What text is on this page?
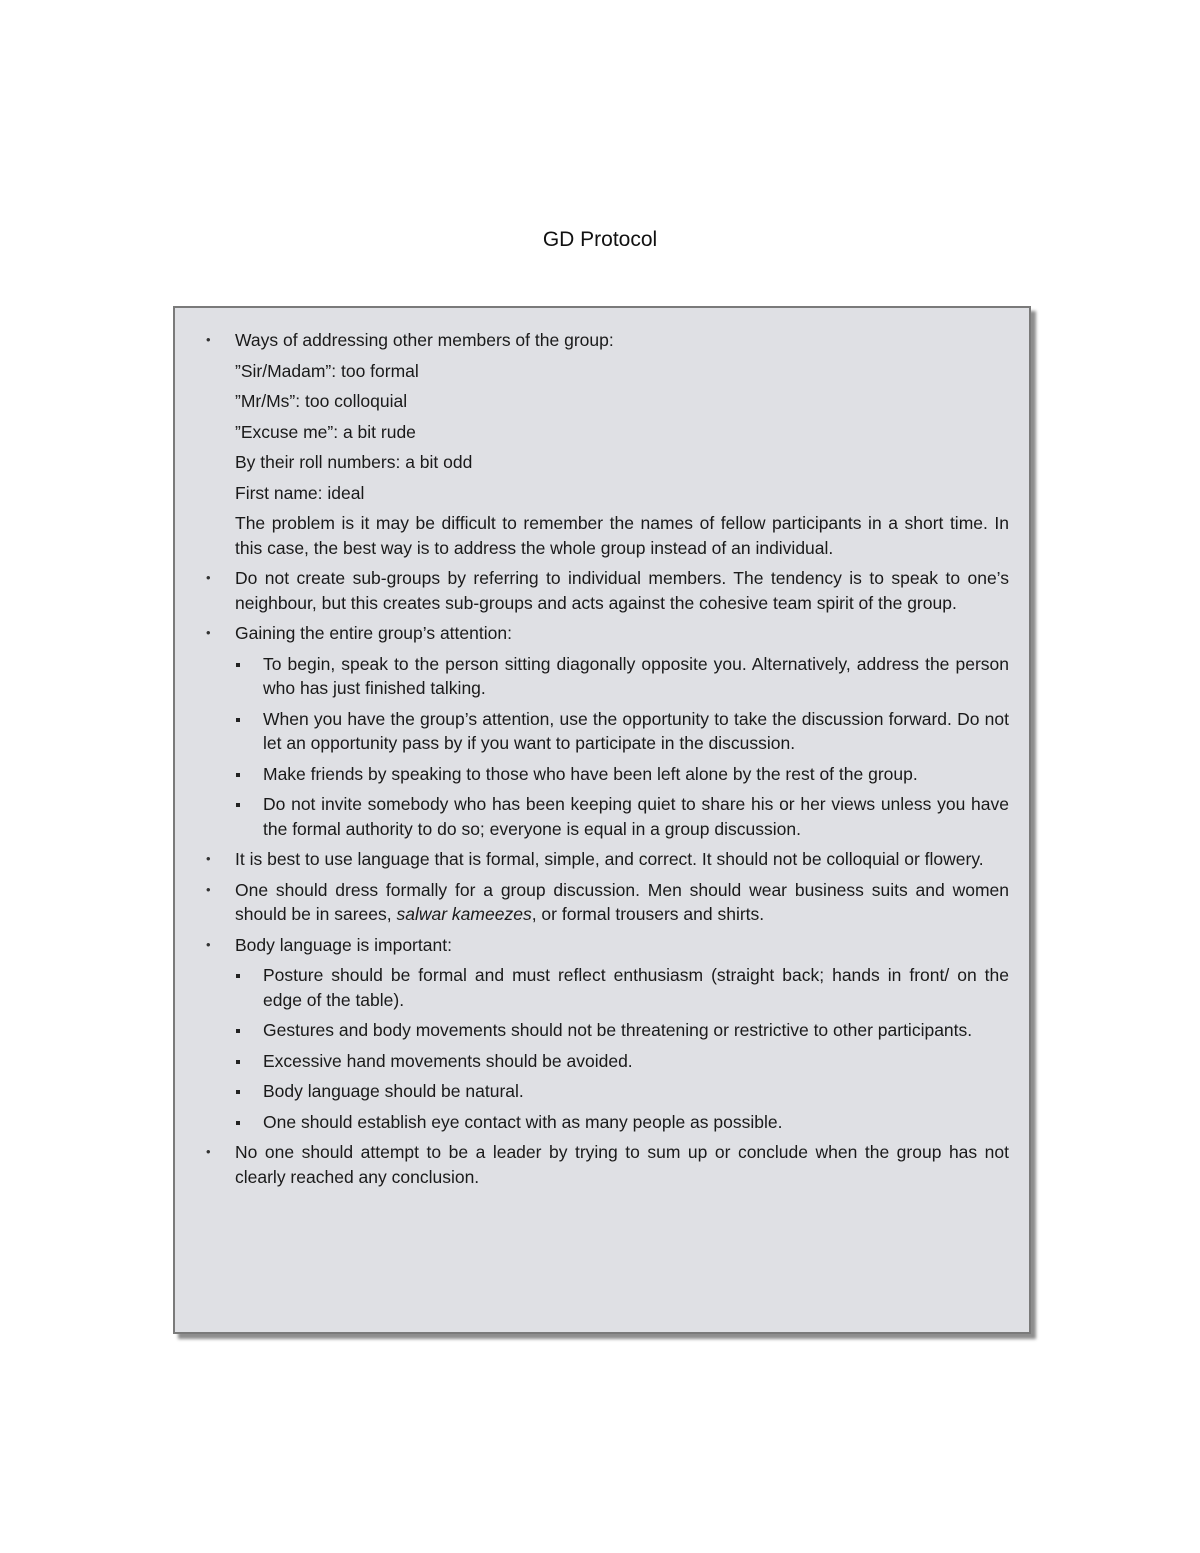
GD Protocol
• Ways of addressing other members of the group:
”Sir/Madam”: too formal
”Mr/Ms”: too colloquial
”Excuse me”: a bit rude
By their roll numbers: a bit odd
First name: ideal
The problem is it may be difficult to remember the names of fellow participants in a short time. In this case, the best way is to address the whole group instead of an individual.
• Do not create sub-groups by referring to individual members. The tendency is to speak to one’s neighbour, but this creates sub-groups and acts against the cohesive team spirit of the group.
• Gaining the entire group’s attention:
To begin, speak to the person sitting diagonally opposite you. Alternatively, address the person who has just finished talking.
When you have the group’s attention, use the opportunity to take the discussion forward. Do not let an opportunity pass by if you want to participate in the discussion.
Make friends by speaking to those who have been left alone by the rest of the group.
Do not invite somebody who has been keeping quiet to share his or her views unless you have the formal authority to do so; everyone is equal in a group discussion.
• It is best to use language that is formal, simple, and correct. It should not be colloquial or flowery.
• One should dress formally for a group discussion. Men should wear business suits and women should be in sarees, salwar kameezes, or formal trousers and shirts.
• Body language is important:
Posture should be formal and must reflect enthusiasm (straight back; hands in front/ on the edge of the table).
Gestures and body movements should not be threatening or restrictive to other participants.
Excessive hand movements should be avoided.
Body language should be natural.
One should establish eye contact with as many people as possible.
• No one should attempt to be a leader by trying to sum up or conclude when the group has not clearly reached any conclusion.
